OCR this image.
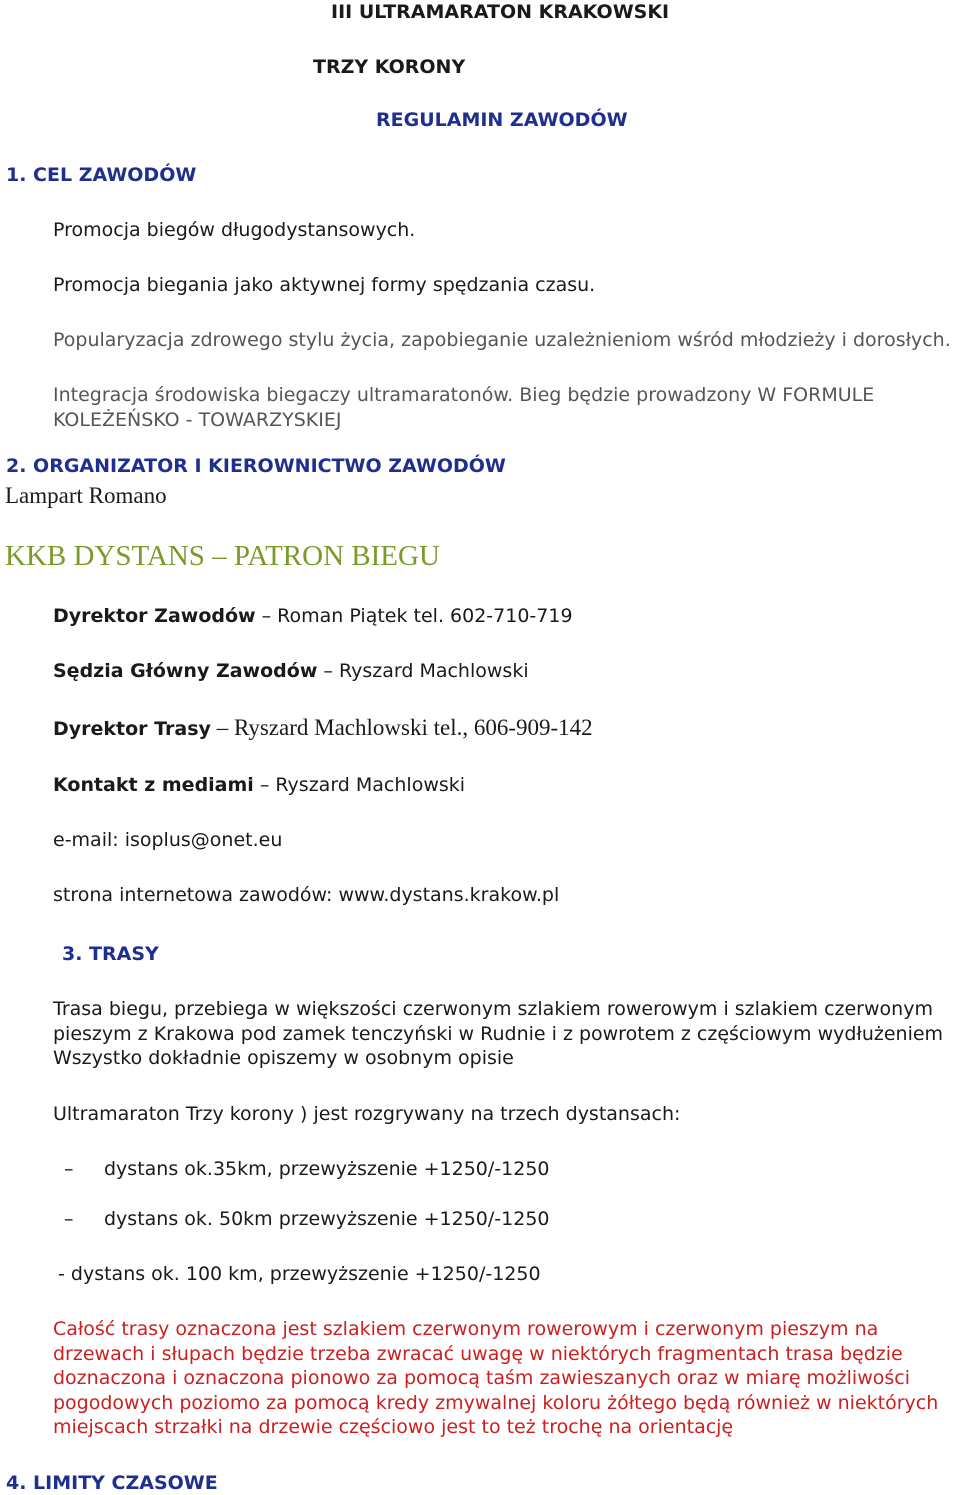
III ULTRAMARATON KRAKOWSKI
TRZY KORONY
REGULAMIN ZAWODÓW
1. CEL ZAWODÓW
Promocja biegów długodystansowych.
Promocja biegania jako aktywnej formy spędzania czasu.
Popularyzacja zdrowego stylu życia, zapobieganie uzależnieniom wśród młodzieży i dorosłych.
Integracja środowiska biegaczy ultramaratonów. Bieg będzie prowadzony W FORMULE
KOLEŻEŃSKO - TOWARZYSKIEJ
2. ORGANIZATOR I KIEROWNICTWO ZAWODÓW
Lampart Romano
KKB DYSTANS – PATRON BIEGU
Dyrektor Zawodów – Roman Piątek tel. 602-710-719
Sędzia Główny Zawodów – Ryszard Machlowski
Dyrektor Trasy – Ryszard Machlowski tel., 606-909-142
Kontakt z mediami – Ryszard Machlowski
e-mail: isoplus@onet.eu
strona internetowa zawodów: www.dystans.krakow.pl
3. TRASY
Trasa biegu, przebiega w większości czerwonym szlakiem rowerowym i szlakiem czerwonym
pieszym z Krakowa pod zamek tenczyński w Rudnie i z powrotem z częściowym wydłużeniem
Wszystko dokładnie opiszemy w osobnym opisie
Ultramaraton Trzy korony ) jest rozgrywany na trzech dystansach:
– dystans ok.35km, przewyższenie +1250/-1250
– dystans ok. 50km przewyższenie +1250/-1250
- dystans ok. 100 km, przewyższenie +1250/-1250
Całość trasy oznaczona jest szlakiem czerwonym rowerowym i czerwonym pieszym na
drzewach i słupach będzie trzeba zwracać uwagę w niektórych fragmentach trasa będzie
doznaczona i oznaczona pionowo za pomocą taśm zawieszanych oraz w miarę możliwości
pogodowych poziomo za pomocą kredy zmywalnej koloru żółtego będą również w niektórych
miejscach strzałki na drzewie częściowo jest to też trochę na orientację
4. LIMITY CZASOWE
